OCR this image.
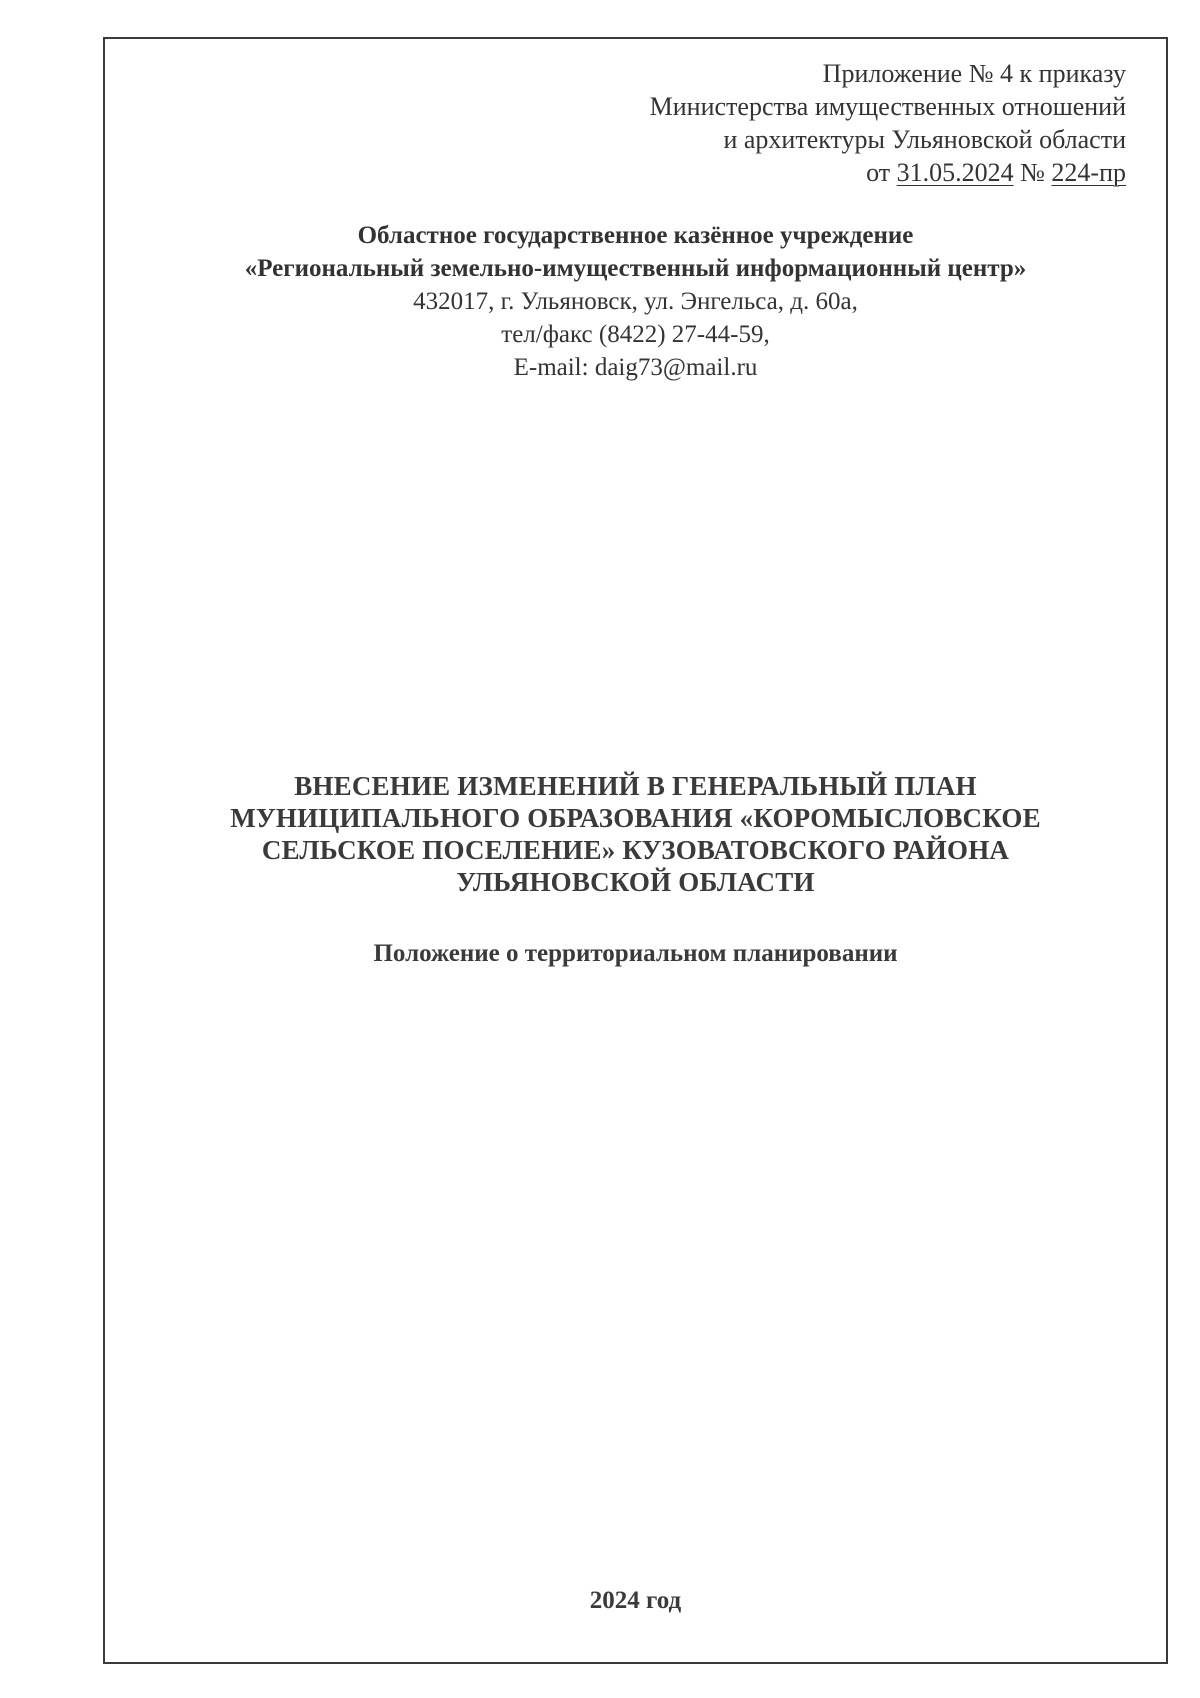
Приложение № 4 к приказу
Министерства имущественных отношений
и архитектуры Ульяновской области
от 31.05.2024 № 224-пр
Областное государственное казённое учреждение
«Региональный земельно-имущественный информационный центр»
432017, г. Ульяновск, ул. Энгельса, д. 60а,
тел/факс (8422) 27-44-59,
E-mail: daig73@mail.ru
ВНЕСЕНИЕ ИЗМЕНЕНИЙ В ГЕНЕРАЛЬНЫЙ ПЛАН
МУНИЦИПАЛЬНОГО ОБРАЗОВАНИЯ «КОРОМЫСЛОВСКОЕ
СЕЛЬСКОЕ ПОСЕЛЕНИЕ» КУЗОВАТОВСКОГО РАЙОНА
УЛЬЯНОВСКОЙ ОБЛАСТИ
Положение о территориальном планировании
2024 год
